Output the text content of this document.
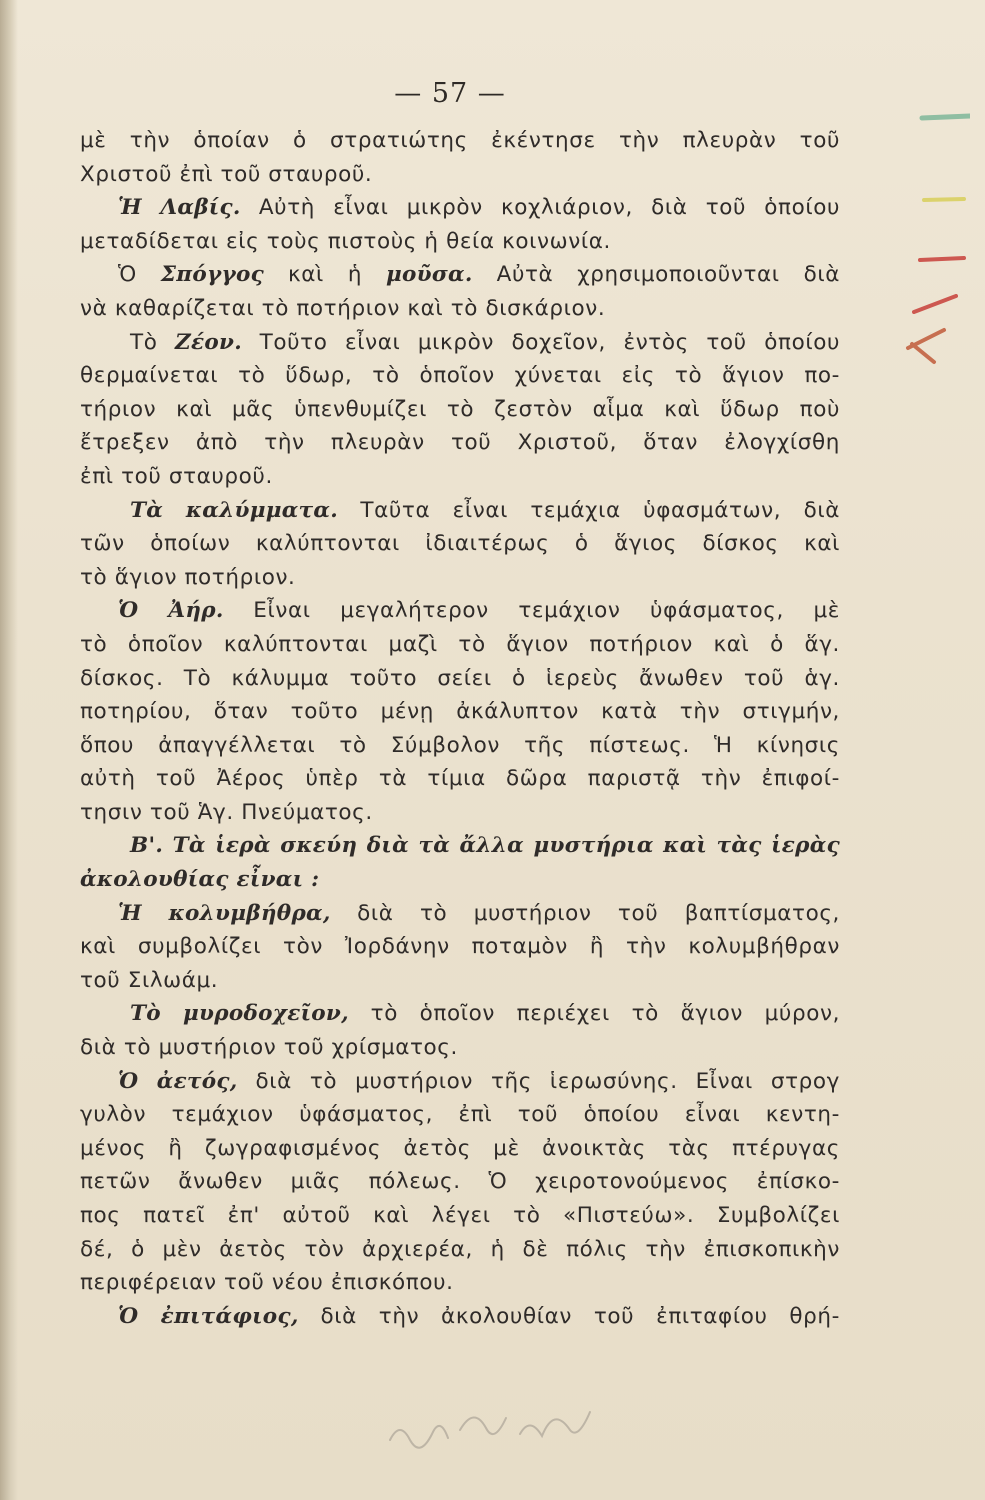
— 57 —
μὲ τὴν ὁποίαν ὁ στρατιώτης ἐκέντησε τὴν πλευρὰν τοῦ
Χριστοῦ ἐπὶ τοῦ σταυροῦ.
Ἡ Λαβίς. Αὐτὴ εἶναι μικρὸν κοχλιάριον, διὰ τοῦ ὁποίου
μεταδίδεται εἰς τοὺς πιστοὺς ἡ θεία κοινωνία.
Ὁ Σπόγγος καὶ ἡ μοῦσα. Αὐτὰ χρησιμοποιοῦνται διὰ
νὰ καθαρίζεται τὸ ποτήριον καὶ τὸ δισκάριον.
Τὸ Ζέον. Τοῦτο εἶναι μικρὸν δοχεῖον, ἐντὸς τοῦ ὁποίου
θερμαίνεται τὸ ὕδωρ, τὸ ὁποῖον χύνεται εἰς τὸ ἅγιον πο-
τήριον καὶ μᾶς ὑπενθυμίζει τὸ ζεστὸν αἷμα καὶ ὕδωρ ποὺ
ἔτρεξεν ἀπὸ τὴν πλευρὰν τοῦ Χριστοῦ, ὅταν ἐλογχίσθη
ἐπὶ τοῦ σταυροῦ.
Τὰ καλύμματα. Ταῦτα εἶναι τεμάχια ὑφασμάτων, διὰ
τῶν ὁποίων καλύπτονται ἰδιαιτέρως ὁ ἅγιος δίσκος καὶ
τὸ ἅγιον ποτήριον.
Ὁ Ἀήρ. Εἶναι μεγαλήτερον τεμάχιον ὑφάσματος, μὲ
τὸ ὁποῖον καλύπτονται μαζὶ τὸ ἅγιον ποτήριον καὶ ὁ ἅγ.
δίσκος. Τὸ κάλυμμα τοῦτο σείει ὁ ἱερεὺς ἄνωθεν τοῦ ἁγ.
ποτηρίου, ὅταν τοῦτο μένῃ ἀκάλυπτον κατὰ τὴν στιγμήν,
ὅπου ἀπαγγέλλεται τὸ Σύμβολον τῆς πίστεως. Ἡ κίνησις
αὐτὴ τοῦ Ἀέρος ὑπὲρ τὰ τίμια δῶρα παριστᾷ τὴν ἐπιφοί-
τησιν τοῦ Ἁγ. Πνεύματος.
Β'. Τὰ ἱερὰ σκεύη διὰ τὰ ἄλλα μυστήρια καὶ τὰς ἱερὰς
ἀκολουθίας εἶναι :
Ἡ κολυμβήθρα, διὰ τὸ μυστήριον τοῦ βαπτίσματος,
καὶ συμβολίζει τὸν Ἰορδάνην ποταμὸν ἢ τὴν κολυμβήθραν
τοῦ Σιλωάμ.
Τὸ μυροδοχεῖον, τὸ ὁποῖον περιέχει τὸ ἅγιον μύρον,
διὰ τὸ μυστήριον τοῦ χρίσματος.
Ὁ ἀετός, διὰ τὸ μυστήριον τῆς ἱερωσύνης. Εἶναι στρογ
γυλὸν τεμάχιον ὑφάσματος, ἐπὶ τοῦ ὁποίου εἶναι κεντη-
μένος ἢ ζωγραφισμένος ἀετὸς μὲ ἀνοικτὰς τὰς πτέρυγας
πετῶν ἄνωθεν μιᾶς πόλεως. Ὁ χειροτονούμενος ἐπίσκο-
πος πατεῖ ἐπ' αὐτοῦ καὶ λέγει τὸ «Πιστεύω». Συμβολίζει
δέ, ὁ μὲν ἀετὸς τὸν ἀρχιερέα, ἡ δὲ πόλις τὴν ἐπισκοπικὴν
περιφέρειαν τοῦ νέου ἐπισκόπου.
Ὁ ἐπιτάφιος, διὰ τὴν ἀκολουθίαν τοῦ ἐπιταφίου θρή-
